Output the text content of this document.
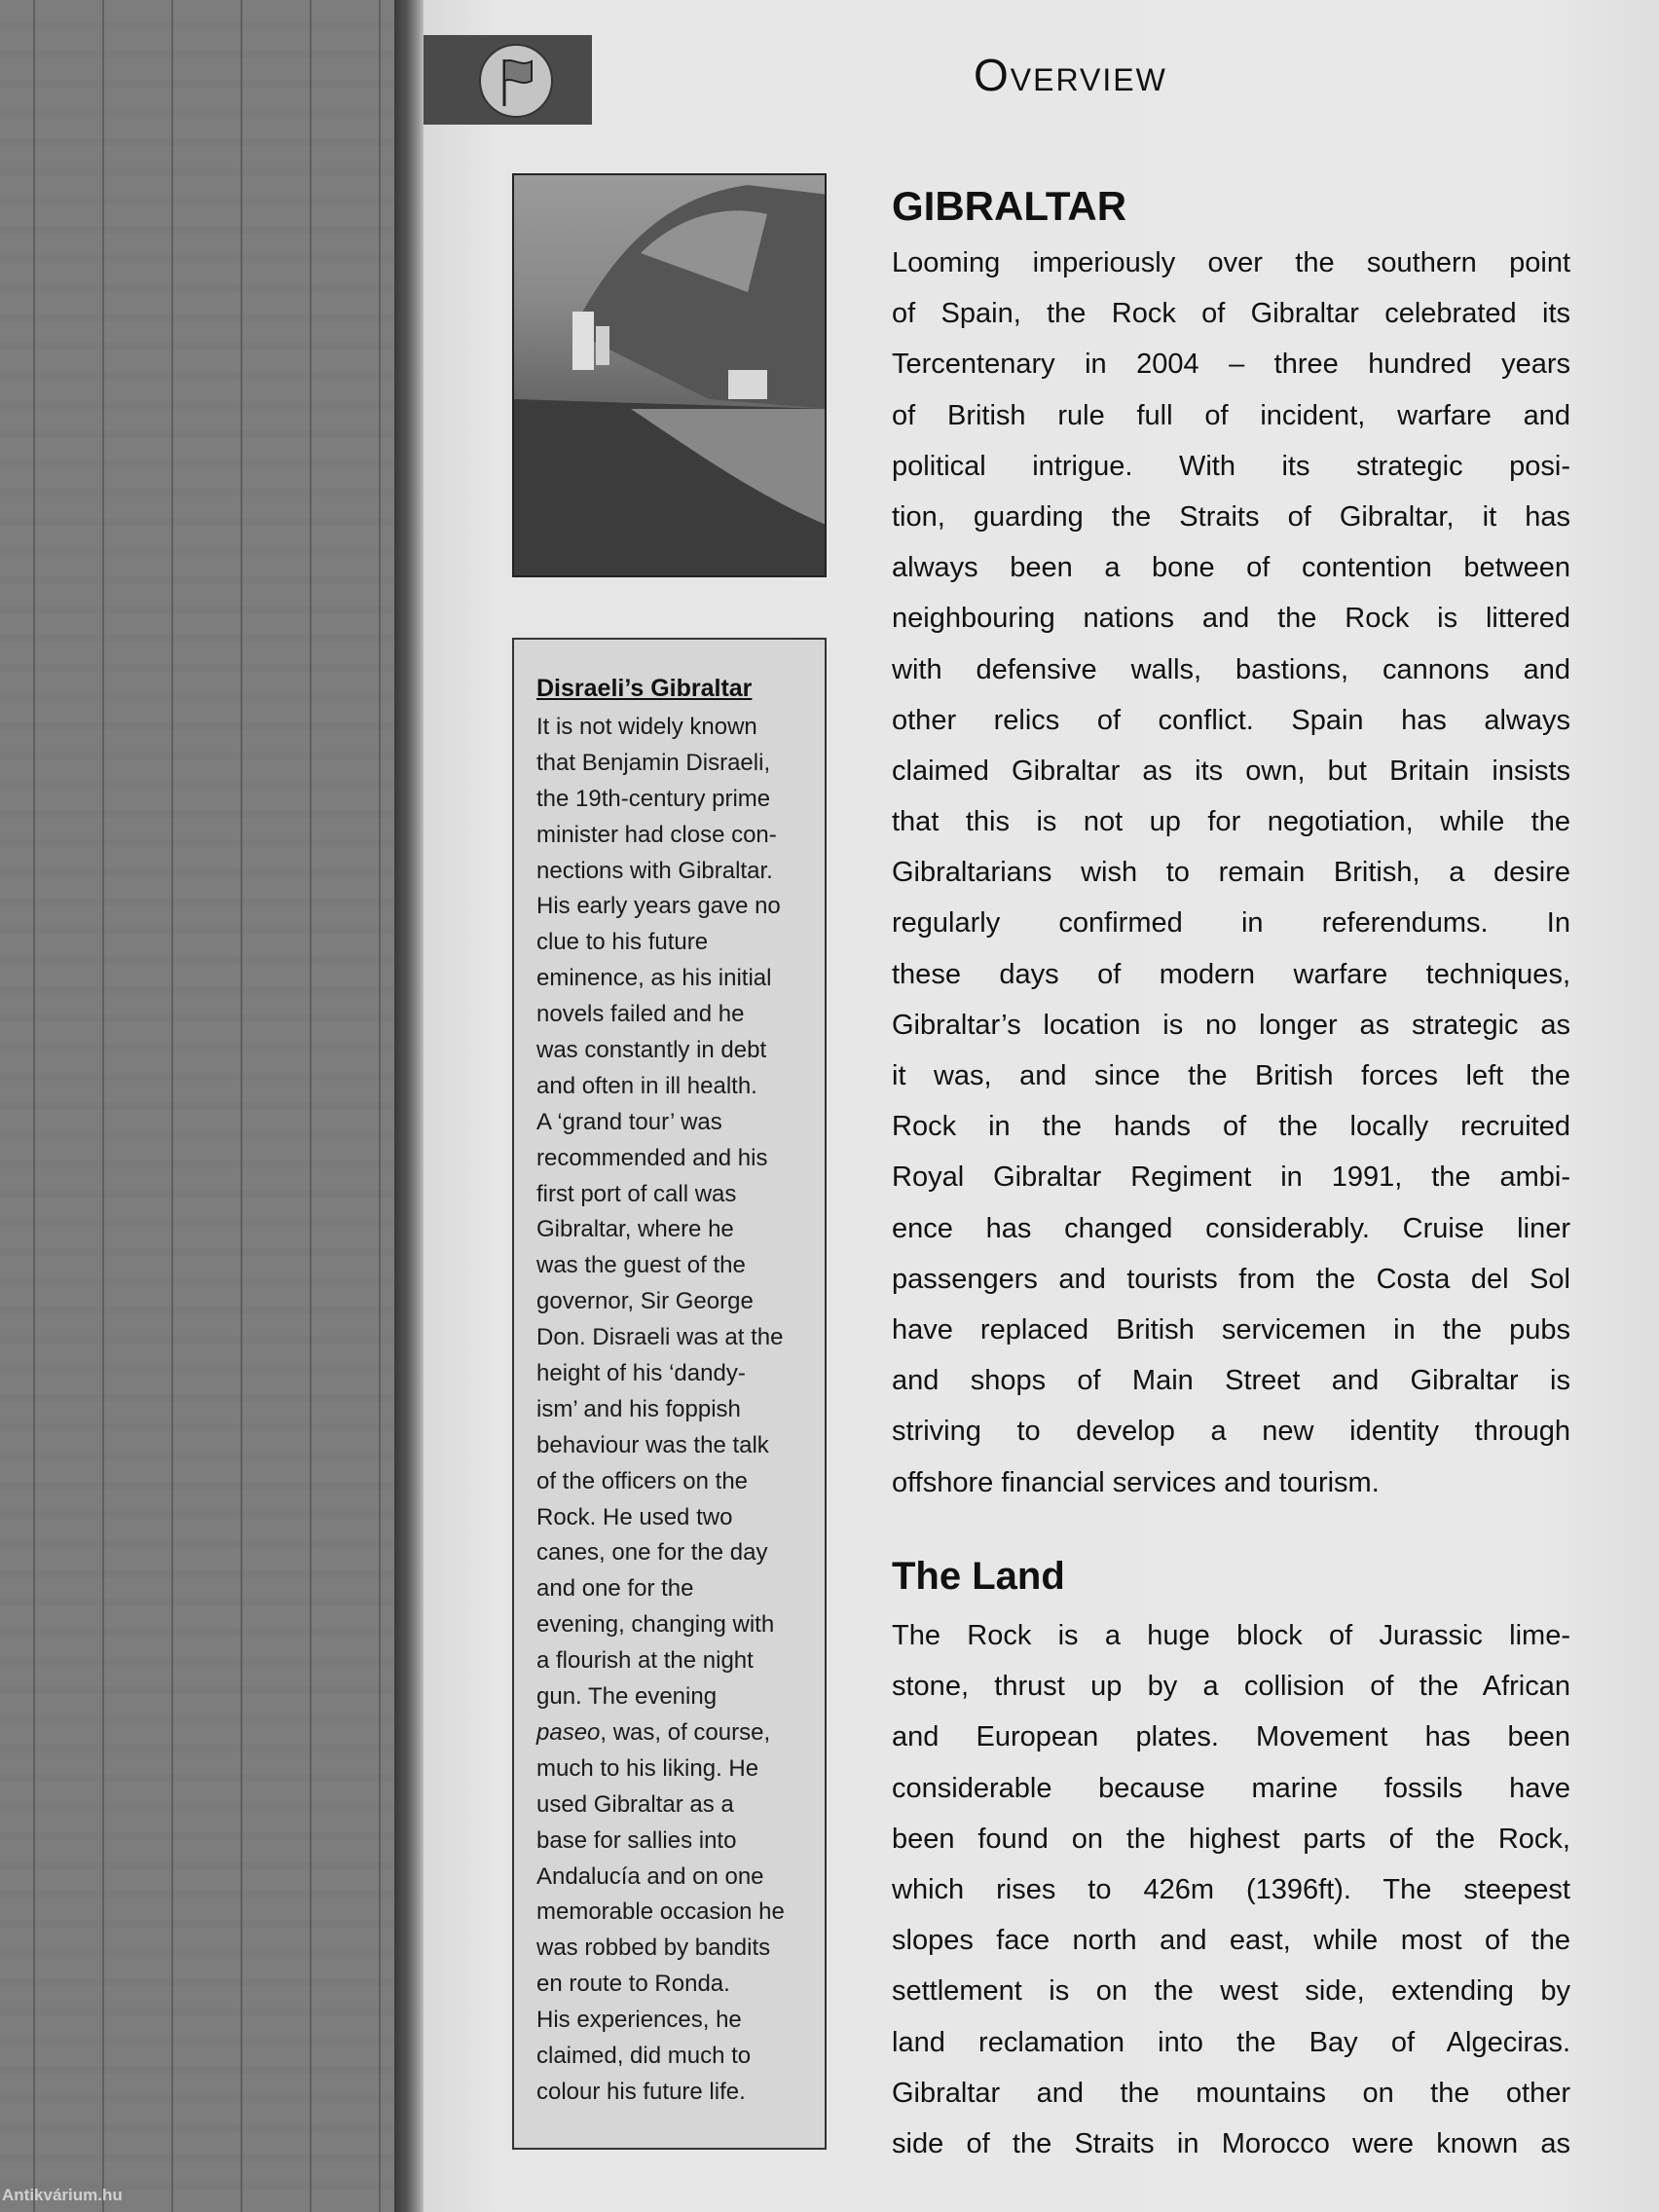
Antikvárium.hu
Overview
Disraeli’s Gibraltar
It is not widely known
that Benjamin Disraeli,
the 19th-century prime
minister had close con-
nections with Gibraltar.
His early years gave no
clue to his future
eminence, as his initial
novels failed and he
was constantly in debt
and often in ill health.
A ‘grand tour’ was
recommended and his
first port of call was
Gibraltar, where he
was the guest of the
governor, Sir George
Don. Disraeli was at the
height of his ‘dandy-
ism’ and his foppish
behaviour was the talk
of the officers on the
Rock. He used two
canes, one for the day
and one for the
evening, changing with
a flourish at the night
gun. The evening
paseo, was, of course,
much to his liking. He
used Gibraltar as a
base for sallies into
Andalucía and on one
memorable occasion he
was robbed by bandits
en route to Ronda.
His experiences, he
claimed, did much to
colour his future life.
GIBRALTAR
Looming imperiously over the southern point
of Spain, the Rock of Gibraltar celebrated its
Tercentenary in 2004 – three hundred years
of British rule full of incident, warfare and
political intrigue. With its strategic posi-
tion, guarding the Straits of Gibraltar, it has
always been a bone of contention between
neighbouring nations and the Rock is littered
with defensive walls, bastions, cannons and
other relics of conflict. Spain has always
claimed Gibraltar as its own, but Britain insists
that this is not up for negotiation, while the
Gibraltarians wish to remain British, a desire
regularly confirmed in referendums. In
these days of modern warfare techniques,
Gibraltar’s location is no longer as strategic as
it was, and since the British forces left the
Rock in the hands of the locally recruited
Royal Gibraltar Regiment in 1991, the ambi-
ence has changed considerably. Cruise liner
passengers and tourists from the Costa del Sol
have replaced British servicemen in the pubs
and shops of Main Street and Gibraltar is
striving to develop a new identity through
offshore financial services and tourism.
The Land
The Rock is a huge block of Jurassic lime-
stone, thrust up by a collision of the African
and European plates. Movement has been
considerable because marine fossils have
been found on the highest parts of the Rock,
which rises to 426m (1396ft). The steepest
slopes face north and east, while most of the
settlement is on the west side, extending by
land reclamation into the Bay of Algeciras.
Gibraltar and the mountains on the other
side of the Straits in Morocco were known as
